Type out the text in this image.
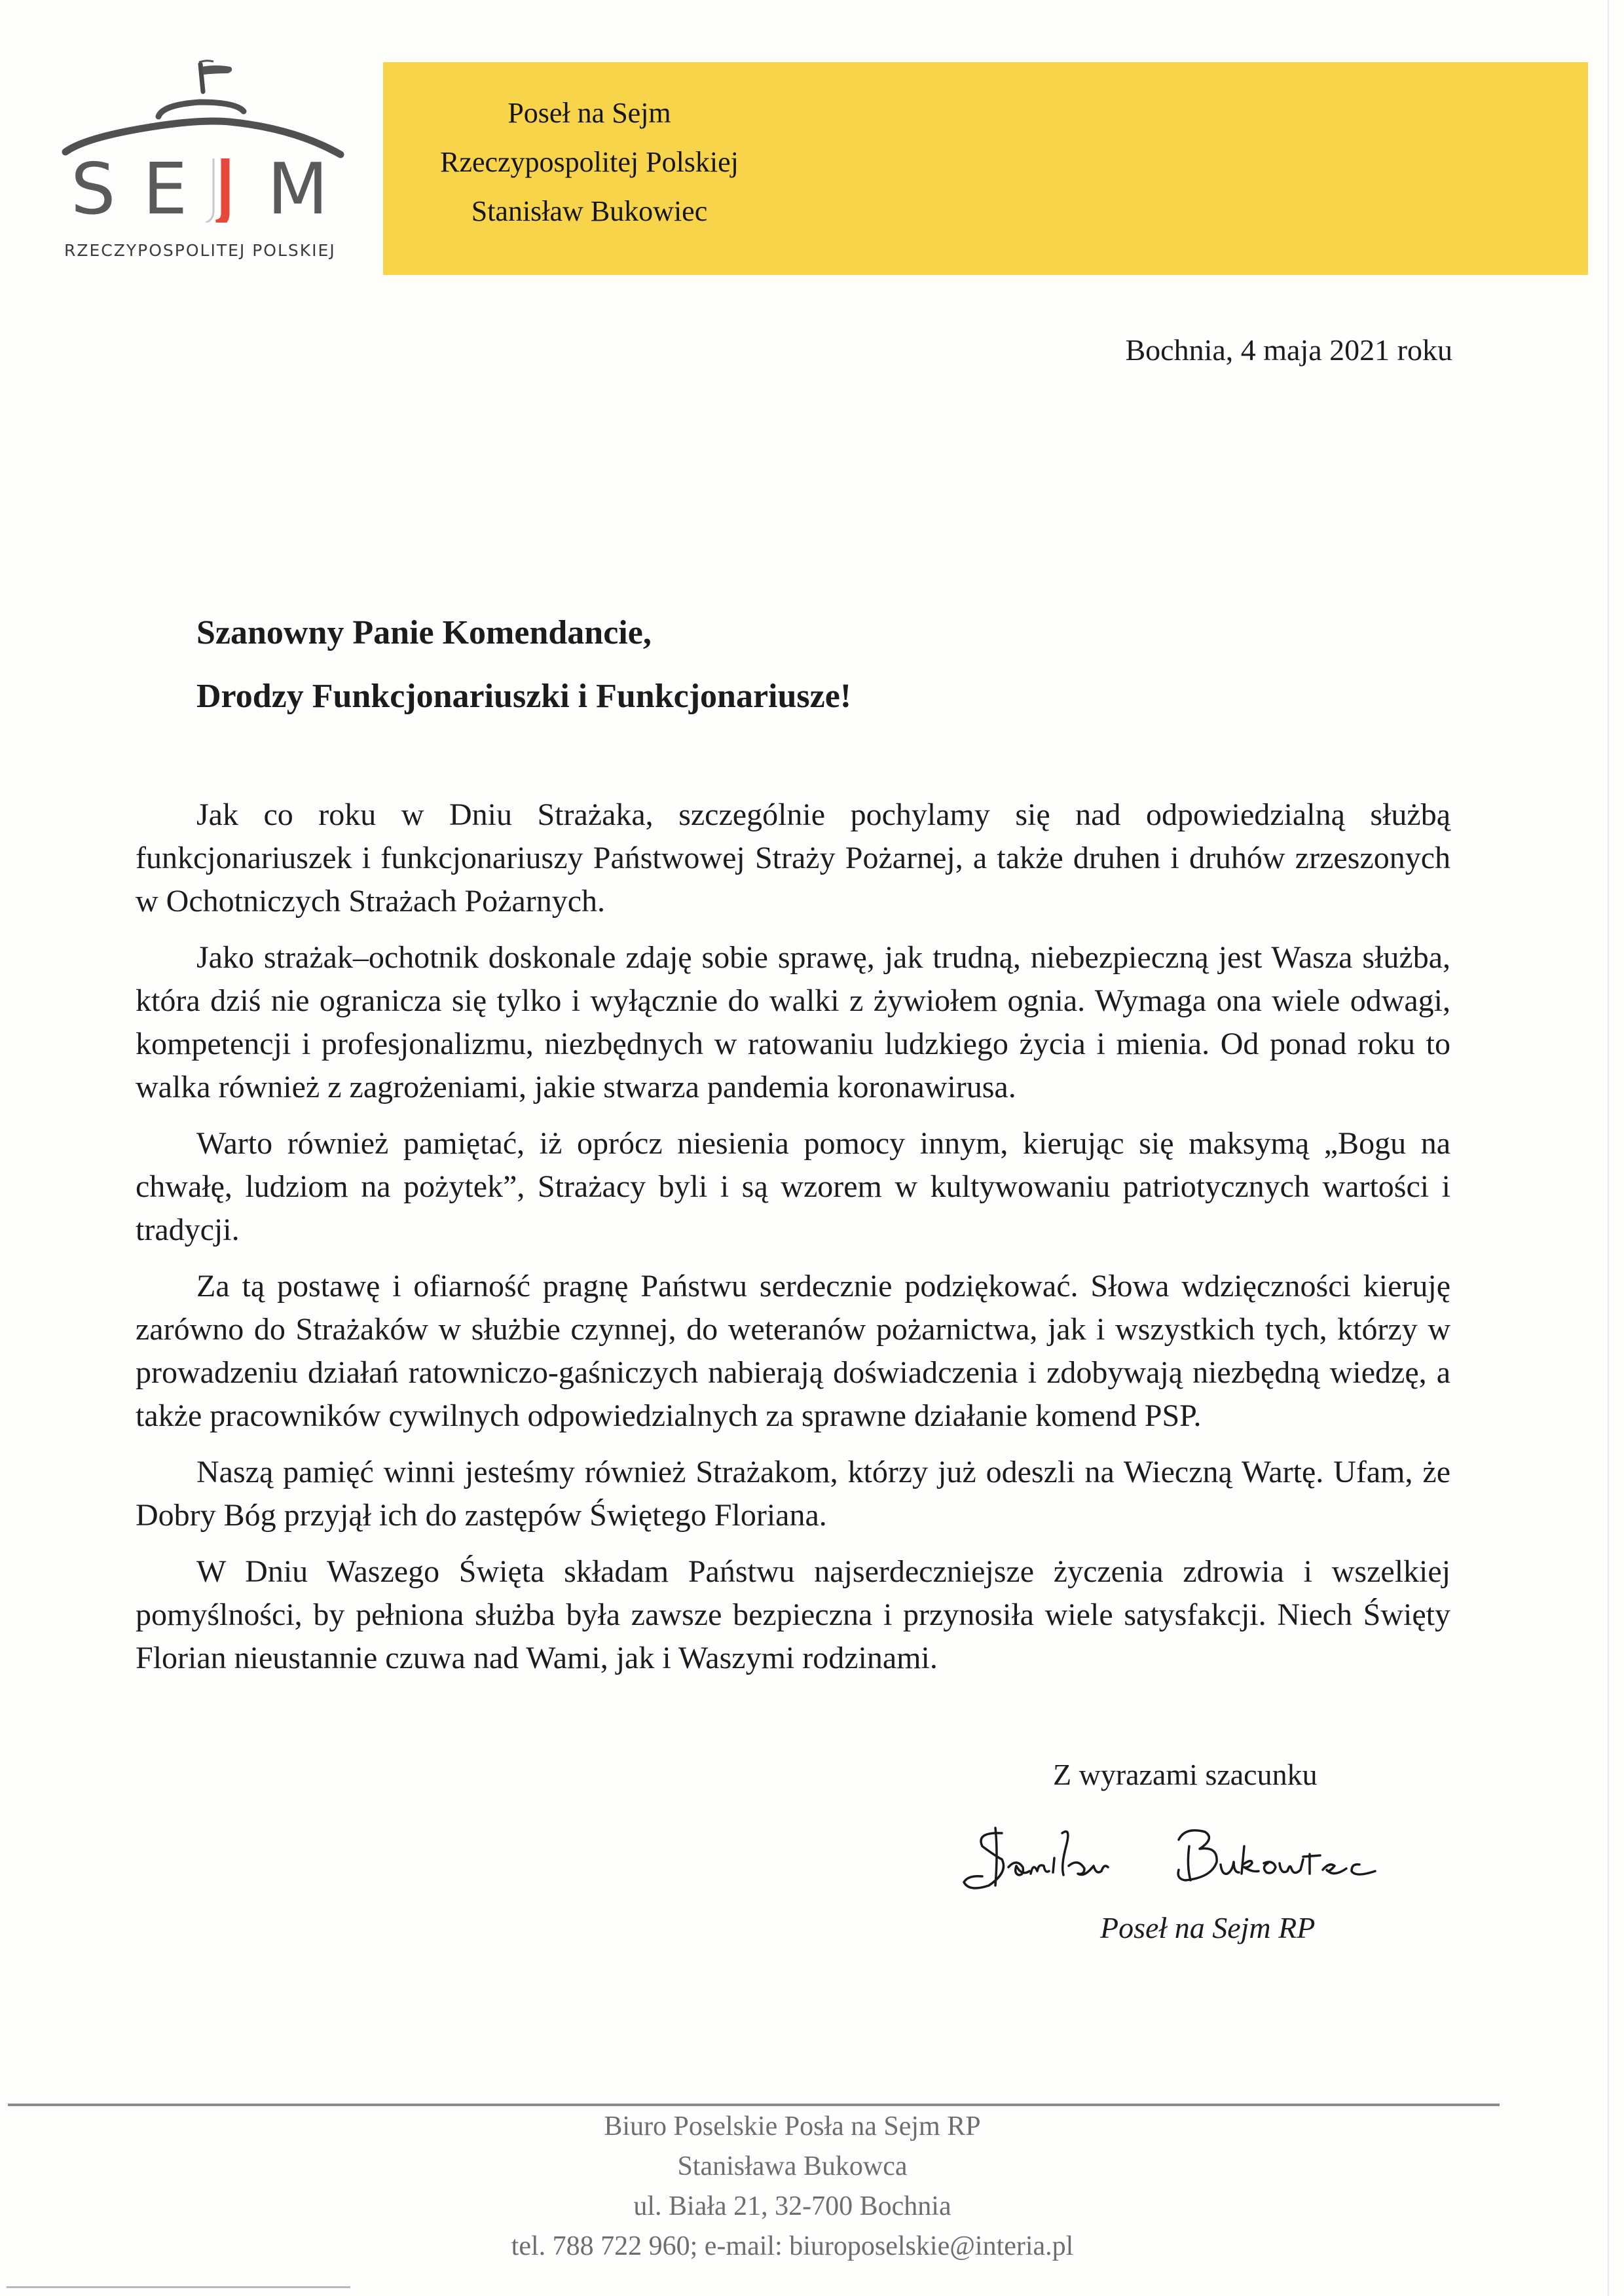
S E M
RZECZYPOSPOLITEJ POLSKIEJ
Poseł na Sejm
Rzeczypospolitej Polskiej
Stanisław Bukowiec
Bochnia, 4 maja 2021 roku
Szanowny Panie Komendancie,
Drodzy Funkcjonariuszki i Funkcjonariusze!

Jak co roku w Dniu Strażaka, szczególnie pochylamy się nad odpowiedzialną służbą funkcjonariuszek i funkcjonariuszy Państwowej Straży Pożarnej, a także druhen i druhów zrzeszonych w Ochotniczych Strażach Pożarnych.

Jako strażak–ochotnik doskonale zdaję sobie sprawę, jak trudną, niebezpieczną jest Wasza służba, która dziś nie ogranicza się tylko i wyłącznie do walki z żywiołem ognia. Wymaga ona wiele odwagi, kompetencji i profesjonalizmu, niezbędnych w ratowaniu ludzkiego życia i mienia. Od ponad roku to walka również z zagrożeniami, jakie stwarza pandemia koronawirusa.

Warto również pamiętać, iż oprócz niesienia pomocy innym, kierując się maksymą „Bogu na chwałę, ludziom na pożytek”, Strażacy byli i są wzorem w kultywowaniu patriotycznych wartości i tradycji.

Za tą postawę i ofiarność pragnę Państwu serdecznie podziękować. Słowa wdzięczności kieruję zarówno do Strażaków w służbie czynnej, do weteranów pożarnictwa, jak i wszystkich tych, którzy w prowadzeniu działań ratowniczo-gaśniczych nabierają doświadczenia i zdobywają niezbędną wiedzę, a także pracowników cywilnych odpowiedzialnych za sprawne działanie komend PSP.

Naszą pamięć winni jesteśmy również Strażakom, którzy już odeszli na Wieczną Wartę. Ufam, że Dobry Bóg przyjął ich do zastępów Świętego Floriana.

W Dniu Waszego Święta składam Państwu najserdeczniejsze życzenia zdrowia i wszelkiej pomyślności, by pełniona służba była zawsze bezpieczna i przynosiła wiele satysfakcji. Niech Święty Florian nieustannie czuwa nad Wami, jak i Waszymi rodzinami.

Z wyrazami szacunku
Poseł na Sejm RP
Biuro Poselskie Posła na Sejm RP
Stanisława Bukowca
ul. Biała 21, 32-700 Bochnia
tel. 788 722 960; e-mail: biuroposelskie@interia.pl
